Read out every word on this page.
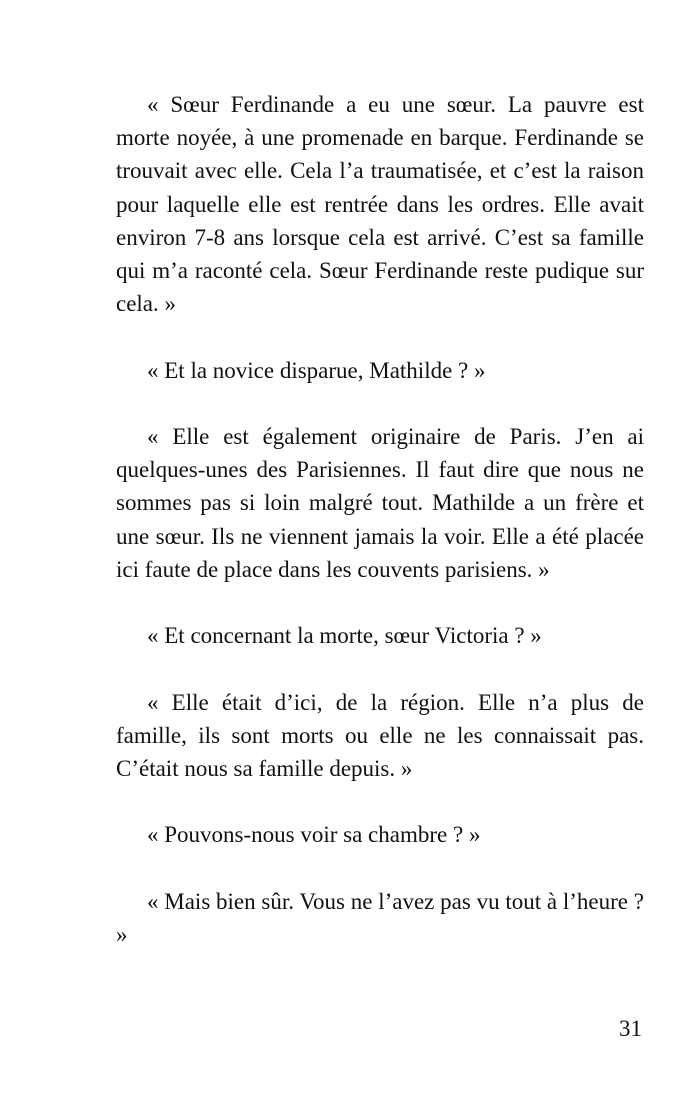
« Sœur Ferdinande a eu une sœur. La pauvre est morte noyée, à une promenade en barque. Ferdinande se trouvait avec elle. Cela l’a traumatisée, et c’est la raison pour laquelle elle est rentrée dans les ordres. Elle avait environ 7-8 ans lorsque cela est arrivé. C’est sa famille qui m’a raconté cela. Sœur Ferdinande reste pudique sur cela. »

« Et la novice disparue, Mathilde ? »

« Elle est également originaire de Paris. J’en ai quelques-unes des Parisiennes. Il faut dire que nous ne sommes pas si loin malgré tout. Mathilde a un frère et une sœur. Ils ne viennent jamais la voir. Elle a été placée ici faute de place dans les couvents parisiens. »

« Et concernant la morte, sœur Victoria ? »

« Elle était d’ici, de la région. Elle n’a plus de famille, ils sont morts ou elle ne les connaissait pas. C’était nous sa famille depuis. »

« Pouvons-nous voir sa chambre ? »

« Mais bien sûr. Vous ne l’avez pas vu tout à l’heure ? »

31
